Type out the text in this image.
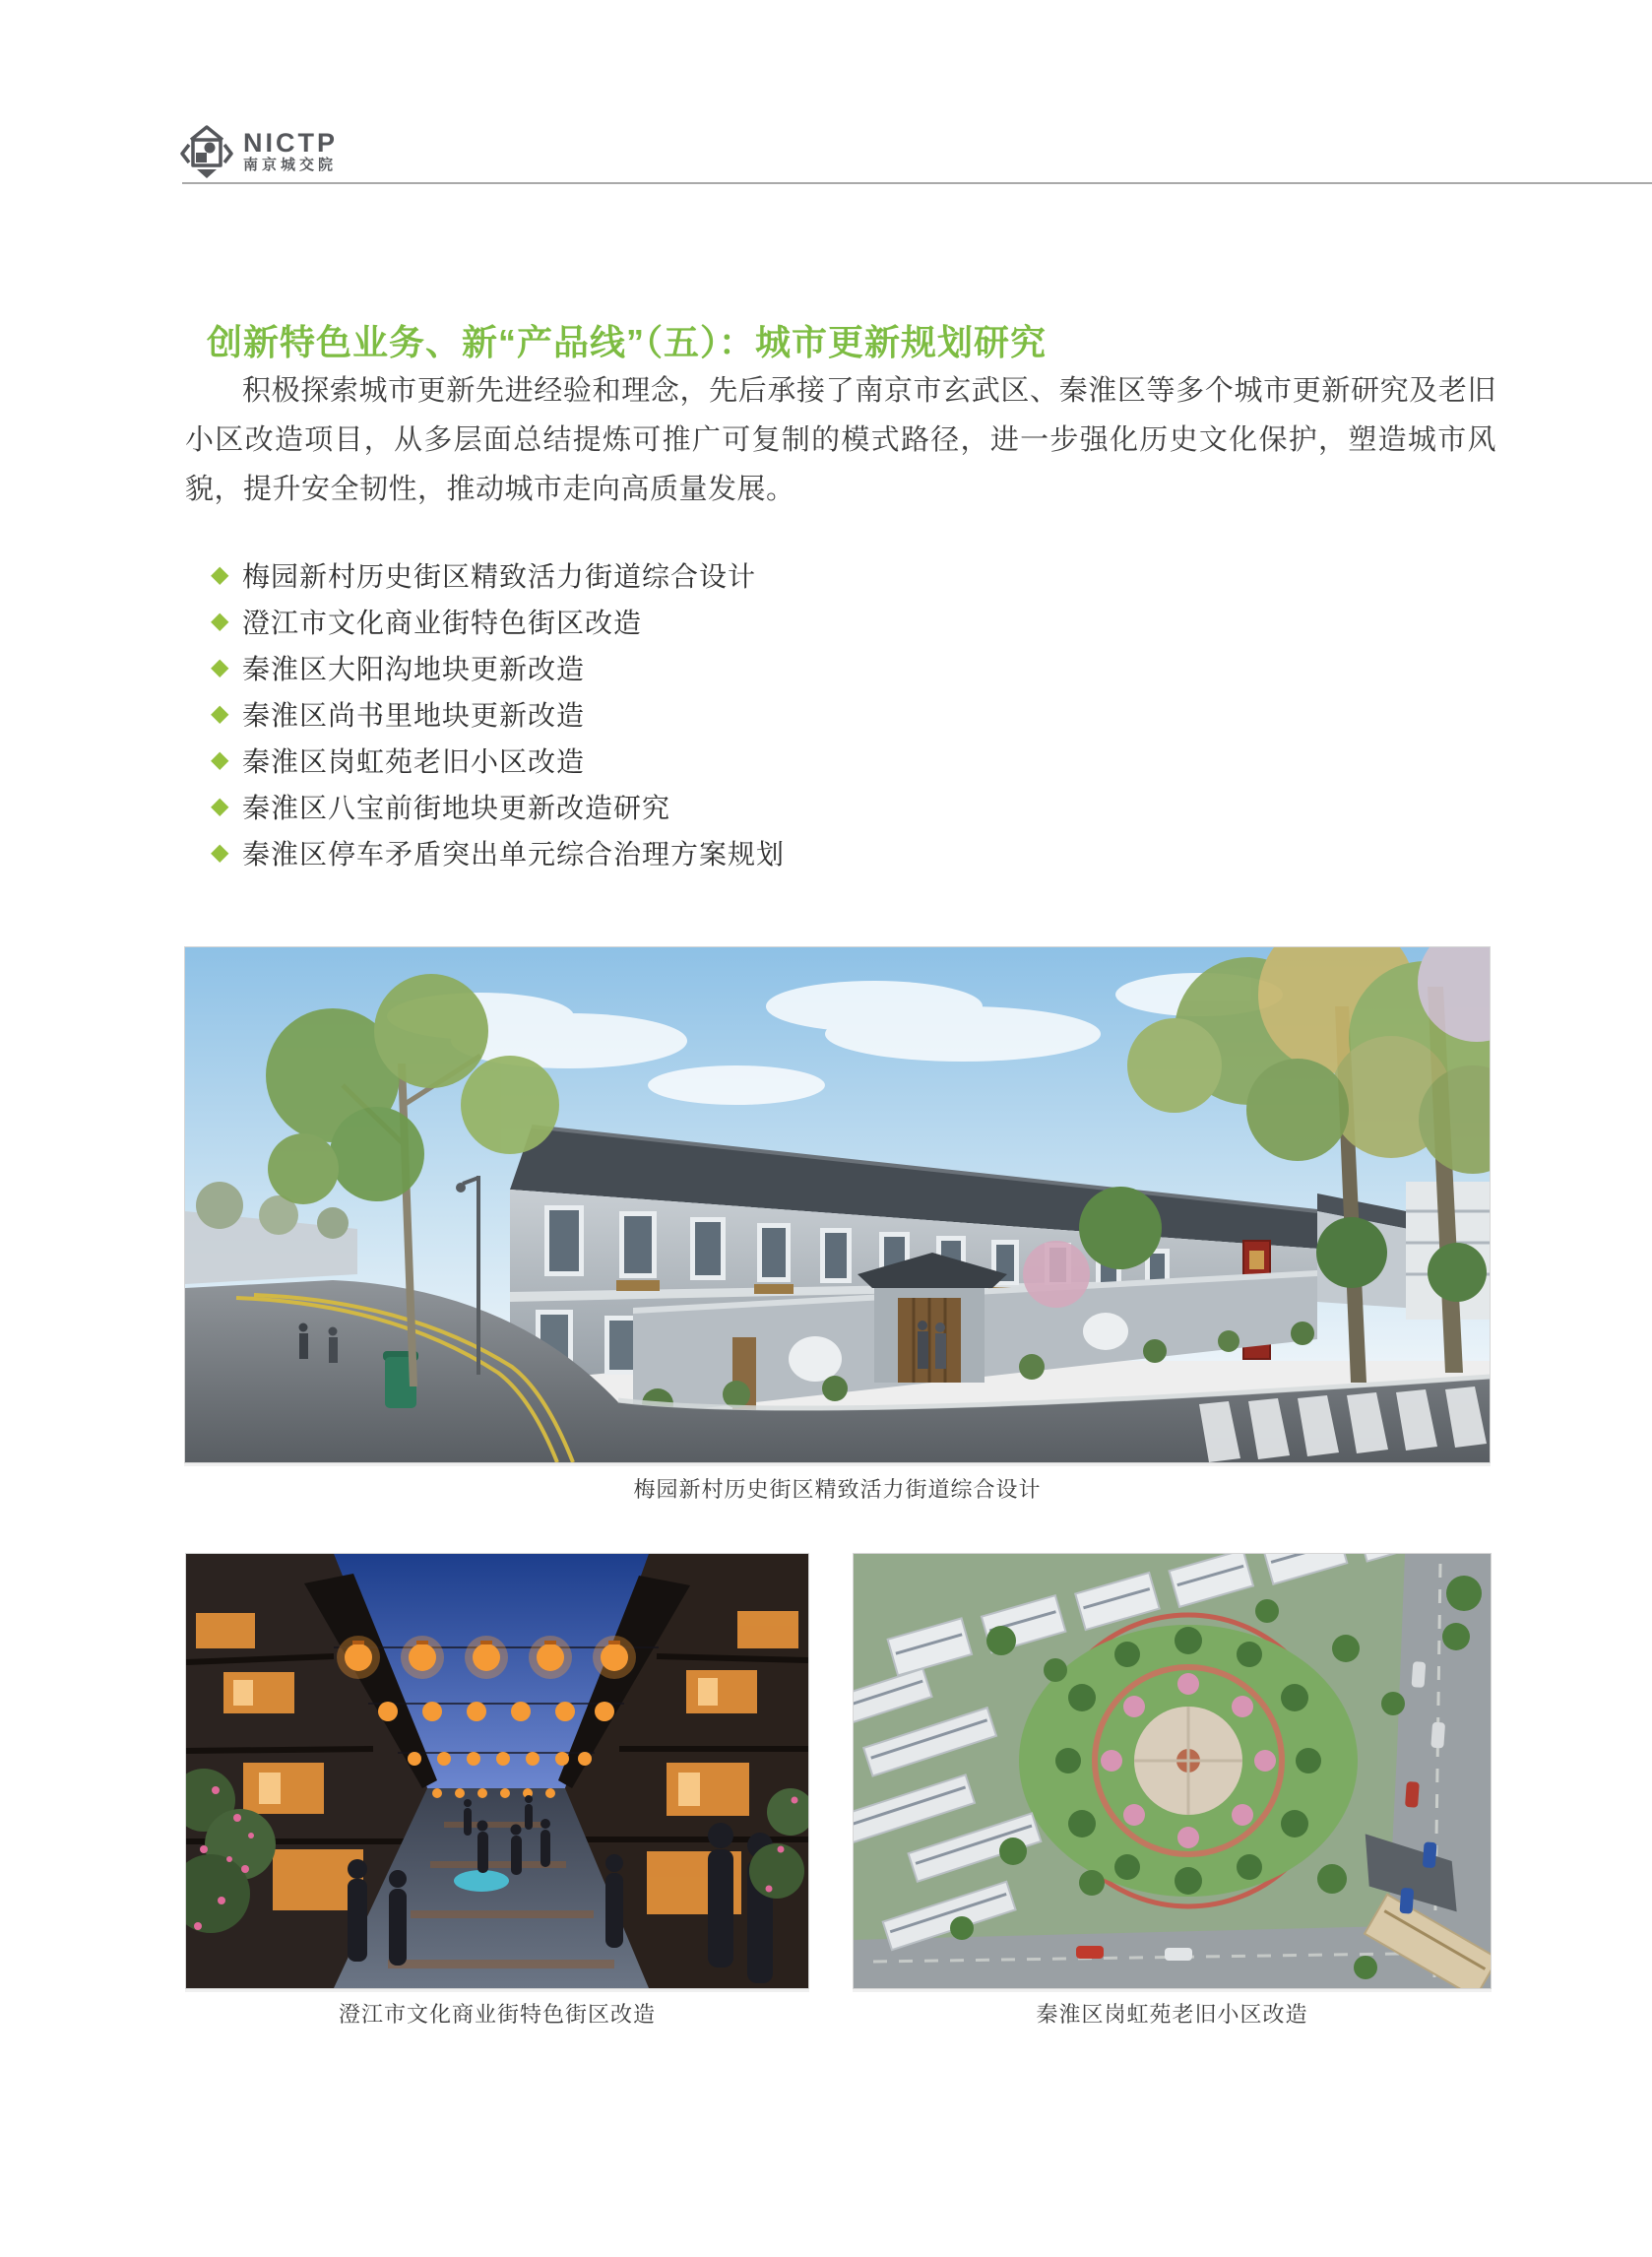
NICTP
南京城交院
创新特色业务、新“产品线”（五）：城市更新规划研究
积极探索城市更新先进经验和理念，先后承接了南京市玄武区、秦淮区等多个城市更新研究及老旧小区改造项目，从多层面总结提炼可推广可复制的模式路径，进一步强化历史文化保护，塑造城市风貌，提升安全韧性，推动城市走向高质量发展。
◆ 梅园新村历史街区精致活力街道综合设计
◆ 澄江市文化商业街特色街区改造
◆ 秦淮区大阳沟地块更新改造
◆ 秦淮区尚书里地块更新改造
◆ 秦淮区岗虹苑老旧小区改造
◆ 秦淮区八宝前街地块更新改造研究
◆ 秦淮区停车矛盾突出单元综合治理方案规划
梅园新村历史街区精致活力街道综合设计
澄江市文化商业街特色街区改造	秦淮区岗虹苑老旧小区改造
